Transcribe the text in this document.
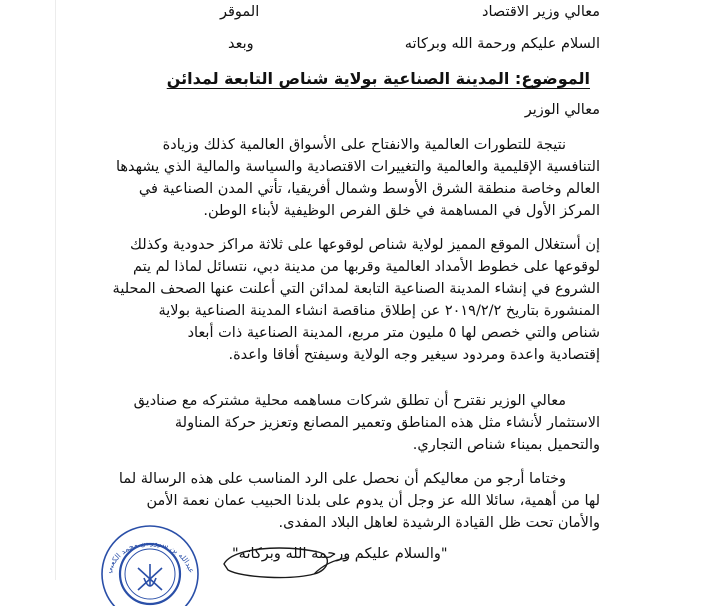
معالي وزير الاقتصاد
الموقر
السلام عليكم ورحمة الله وبركاته
وبعد
الموضوع: المدينة الصناعية بولاية شناص التابعة لمدائن
معالي الوزير
نتيجة للتطورات العالمية والانفتاح على الأسواق العالمية كذلك وزيادة
التنافسية الإقليمية والعالمية والتغييرات الاقتصادية والسياسة والمالية الذي يشهدها
العالم وخاصة منطقة الشرق الأوسط وشمال أفريقيا، تأتي المدن الصناعية في
المركز الأول في المساهمة في خلق الفرص الوظيفية لأبناء الوطن.
إن أستغلال الموقع المميز لولاية شناص لوقوعها على ثلاثة مراكز حدودية وكذلك
لوقوعها على خطوط الأمداد العالمية وقربها من مدينة دبي، نتسائل لماذا لم يتم
الشروع في إنشاء المدينة الصناعية التابعة لمدائن التي أعلنت عنها الصحف المحلية
المنشورة بتاريخ ٢٠١٩/٢/٢ عن إطلاق مناقصة انشاء المدينة الصناعية بولاية
شناص والتي خصص لها ٥ مليون متر مربع، المدينة الصناعية ذات أبعاد
إقتصادية واعدة ومردود سيغير وجه الولاية وسيفتح أفاقا واعدة.
معالي الوزير نقترح أن تطلق شركات مساهمه محلية مشتركه مع صناديق
الاستثمار لأنشاء مثل هذه المناطق وتعمير المصانع وتعزيز حركة المناولة
والتحميل بميناء شناص التجاري.
وختاما أرجو من معاليكم أن نحصل على الرد المناسب على هذه الرسالة لما
لها من أهمية، سائلا الله عز وجل أن يدوم على بلدنا الحبيب عمان نعمة الأمن
والأمان تحت ظل القيادة الرشيدة لعاهل البلاد المفدى.
"والسلام عليكم ورحمة الله وبركاته"
عبدالله بن سرور بن محمد الكعبي
